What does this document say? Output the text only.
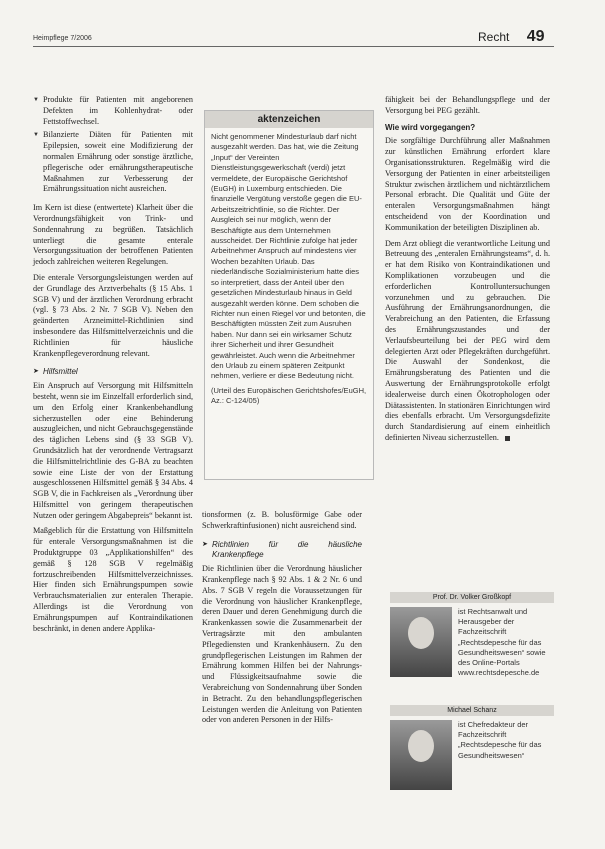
Heimpflege 7/2006	Recht 49
▼ Produkte für Patienten mit angeborenen Defekten im Kohlenhydrat- oder Fettstoffwechsel.
▼ Bilanzierte Diäten für Patienten mit Epilepsien, soweit eine Modifizierung der normalen Ernährung oder sonstige ärztliche, pflegerische oder ernährungstherapeutische Maßnahmen zur Verbesserung der Ernährungssituation nicht ausreichen.

Im Kern ist diese (entwertete) Klarheit über die Verordnungsfähigkeit von Trink- und Sondennahrung zu begrüßen. Tatsächlich unterliegt die gesamte enterale Versorgungssituation der betroffenen Patienten jedoch zahlreichen weiteren Regelungen.

Die enterale Versorgungsleistungen werden auf der Grundlage des Arztverbehalts (§ 15 Abs. 1 SGB V) und der ärztlichen Verordnung erbracht (vgl. § 73 Abs. 2 Nr. 7 SGB V). Neben den geänderten Arzneimittel-Richtlinien sind insbesondere das Hilfsmittelverzeichnis und die Richtlinien für häusliche Krankenpflegeverordnung relevant.

➤ Hilfsmittel

Ein Anspruch auf Versorgung mit Hilfsmitteln besteht, wenn sie im Einzelfall erforderlich sind, um den Erfolg einer Krankenbehandlung sicherzustellen oder eine Behinderung auszugleichen, und nicht Gebrauchsgegenstände des täglichen Lebens sind (§ 33 SGB V). Grundsätzlich hat der verordnende Vertragsarzt die Hilfsmittelrichtlinie des G-BA zu beachten sowie eine Liste der von der Erstattung ausgeschlossenen Hilfsmittel gemäß § 34 Abs. 4 SGB V, die in Fachkreisen als „Verordnung über Hilfsmittel von geringem therapeutischen Nutzen oder geringem Abgabepreis“ bekannt ist.

Maßgeblich für die Erstattung von Hilfsmitteln für enterale Versorgungsmaßnahmen ist die Produktgruppe 03 „Applikationshilfen“ des gemäß § 128 SGB V regelmäßig fortzuschreibenden Hilfsmittelverzeichnisses. Hier finden sich Ernährungspumpen sowie Verbrauchsmaterialien zur enteralen Therapie. Allerdings ist die Verordnung von Ernährungspumpen auf Kontraindikationen beschränkt, in denen andere Applika-

aktenzeichen
Nicht genommener Mindesturlaub darf nicht ausgezahlt werden. Das hat, wie die Zeitung „Input“ der Vereinten Dienstleistungsgewerkschaft (verdi) jetzt vermeldete, der Europäische Gerichtshof (EuGH) in Luxemburg entschieden. Die finanzielle Vergütung verstoße gegen die EU-Arbeitszeitrichtlinie, so die Richter. Der Ausgleich sei nur möglich, wenn der Beschäftigte aus dem Unternehmen ausscheidet. Der Richtlinie zufolge hat jeder Arbeitnehmer Anspruch auf mindestens vier Wochen bezahlten Urlaub. Das niederländische Sozialministerium hatte dies so interpretiert, dass der Anteil über den gesetzlichen Mindesturlaub hinaus in Geld ausgezahlt werden könne. Dem schoben die Richter nun einen Riegel vor und betonten, die Beschäftigten müssten Zeit zum Ausruhen haben. Nur dann sei ein wirksamer Schutz ihrer Sicherheit und ihrer Gesundheit gewährleistet. Auch wenn die Arbeitnehmer den Urlaub zu einem späteren Zeitpunkt nehmen, verliere er diese Bedeutung nicht.
(Urteil des Europäischen Gerichtshofes/EuGH, Az.: C-124/05)

tionsformen (z. B. bolusförmige Gabe oder Schwerkraftinfusionen) nicht ausreichend sind.

➤ Richtlinien für die häusliche Krankenpflege

Die Richtlinien über die Verordnung häuslicher Krankenpflege nach § 92 Abs. 1 & 2 Nr. 6 und Abs. 7 SGB V regeln die Voraussetzungen für die Verordnung von häuslicher Krankenpflege, deren Dauer und deren Genehmigung durch die Krankenkassen sowie die Zusammenarbeit der Vertragsärzte mit den ambulanten Pflegediensten und Krankenhäusern. Zu den grundpflegerischen Leistungen im Rahmen der Ernährung kommen Hilfen bei der Nahrungs- und Flüssigkeitsaufnahme sowie die Verabreichung von Sondennahrung über Sonden in Betracht. Zu den behandlungspflegerischen Leistungen werden die Anleitung von Patienten oder von anderen Personen in der Hilfs-

fähigkeit bei der Behandlungspflege und der Versorgung bei PEG gezählt.

Wie wird vorgegangen?

Die sorgfältige Durchführung aller Maßnahmen zur künstlichen Ernährung erfordert klare Organisationsstrukturen. Regelmäßig wird die Versorgung der Patienten in einer arbeitsteiligen Struktur zwischen ärztlichem und nichtärztlichem Personal erbracht. Die Qualität und Güte der enteralen Versorgungsmaßnahmen hängt entscheidend von der Koordination und Kommunikation der beteiligten Disziplinen ab.

Dem Arzt obliegt die verantwortliche Leitung und Betreuung des „enteralen Ernährungsteams“, d. h. er hat dem Risiko von Kontraindikationen und Komplikationen vorzubeugen und die erforderlichen Kontrolluntersuchungen vorzunehmen und zu gebrauchen. Die Ausführung der Ernährungsanordnungen, die Verabreichung an den Patienten, die Erfassung des Ernährungszustandes und der Verlaufsbeurteilung bei der PEG wird dem delegierten Arzt oder Pflegekräften durchgeführt. Die Auswahl der Sondenkost, die Ernährungsberatung des Patienten und die Auswertung der Ernährungsprotokolle erfolgt idealerweise durch einen Ökotrophologen oder Diätassistenten. In stationären Einrichtungen wird dies ebenfalls erbracht. Um Versorgungsdefizite durch Standardisierung auf einem einheitlich definierten Niveau sicherzustellen.

Prof. Dr. Volker Großkopf
ist Rechtsanwalt und Herausgeber der Fachzeitschrift „Rechtsdepesche für das Gesundheitswesen“ sowie des Online-Portals www.rechtsdepesche.de
Michael Schanz
ist Chefredakteur der Fachzeitschrift „Rechtsdepesche für das Gesundheitswesen“
